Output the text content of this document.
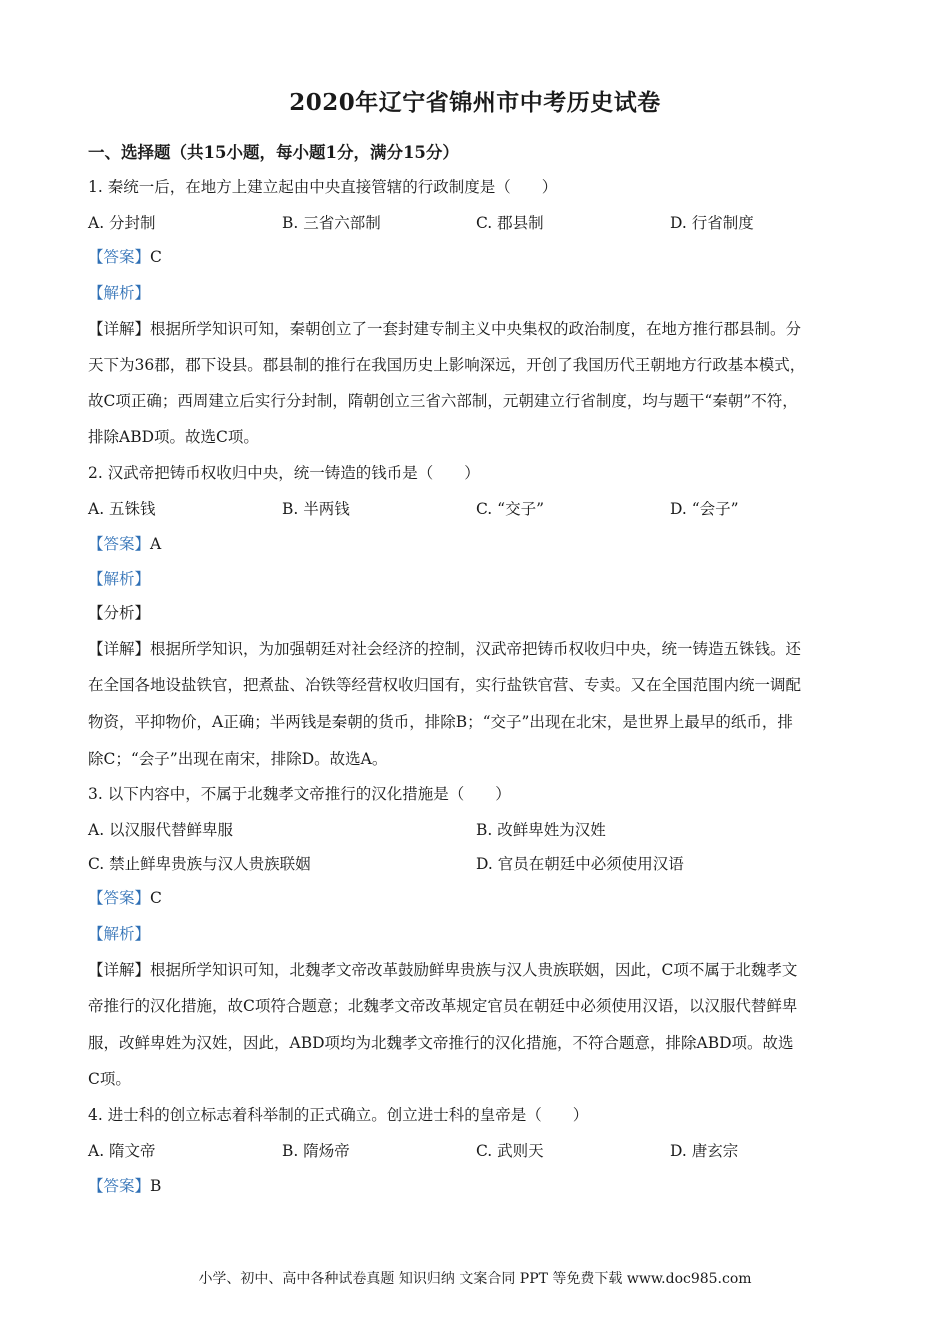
2020年辽宁省锦州市中考历史试卷
一、选择题（共15小题，每小题1分，满分15分）
1. 秦统一后，在地方上建立起由中央直接管辖的行政制度是（　　）
A. 分封制	B. 三省六部制	C. 郡县制	D. 行省制度
【答案】C
【解析】
【详解】根据所学知识可知，秦朝创立了一套封建专制主义中央集权的政治制度，在地方推行郡县制。分
天下为36郡，郡下设县。郡县制的推行在我国历史上影响深远，开创了我国历代王朝地方行政基本模式，
故C项正确；西周建立后实行分封制，隋朝创立三省六部制，元朝建立行省制度，均与题干“秦朝”不符，
排除ABD项。故选C项。
2. 汉武帝把铸币权收归中央，统一铸造的钱币是（　　）
A. 五铢钱	B. 半两钱	C. “交子”	D. “会子”
【答案】A
【解析】
【分析】
【详解】根据所学知识，为加强朝廷对社会经济的控制，汉武帝把铸币权收归中央，统一铸造五铢钱。还
在全国各地设盐铁官，把煮盐、冶铁等经营权收归国有，实行盐铁官营、专卖。又在全国范围内统一调配
物资，平抑物价，A正确；半两钱是秦朝的货币，排除B；“交子”出现在北宋，是世界上最早的纸币，排
除C；“会子”出现在南宋，排除D。故选A。
3. 以下内容中，不属于北魏孝文帝推行的汉化措施是（　　）
A. 以汉服代替鲜卑服	B. 改鲜卑姓为汉姓
C. 禁止鲜卑贵族与汉人贵族联姻	D. 官员在朝廷中必须使用汉语
【答案】C
【解析】
【详解】根据所学知识可知，北魏孝文帝改革鼓励鲜卑贵族与汉人贵族联姻，因此，C项不属于北魏孝文
帝推行的汉化措施，故C项符合题意；北魏孝文帝改革规定官员在朝廷中必须使用汉语，以汉服代替鲜卑
服，改鲜卑姓为汉姓，因此，ABD项均为北魏孝文帝推行的汉化措施，不符合题意，排除ABD项。故选
C项。
4. 进士科的创立标志着科举制的正式确立。创立进士科的皇帝是（　　）
A. 隋文帝	B. 隋炀帝	C. 武则天	D. 唐玄宗
【答案】B
小学、初中、高中各种试卷真题 知识归纳 文案合同 PPT 等免费下载 www.doc985.com
